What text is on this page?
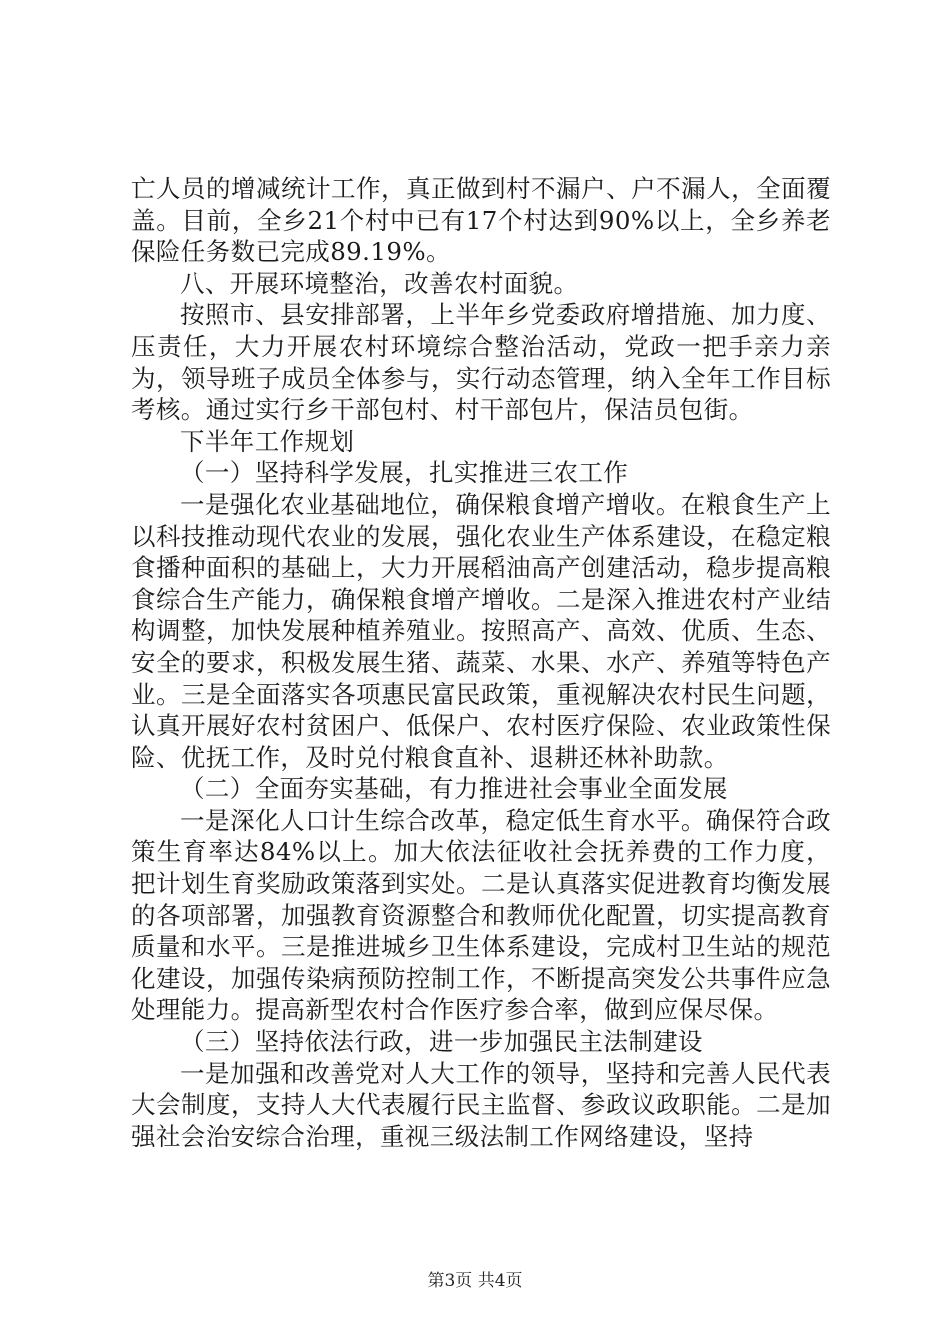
亡人员的增减统计工作，真正做到村不漏户、户不漏人，全面覆盖。目前，全乡21个村中已有17个村达到90%以上，全乡养老保险任务数已完成89.19%。

八、开展环境整治，改善农村面貌。

按照市、县安排部署，上半年乡党委政府增措施、加力度、压责任，大力开展农村环境综合整治活动，党政一把手亲力亲为，领导班子成员全体参与，实行动态管理，纳入全年工作目标考核。通过实行乡干部包村、村干部包片，保洁员包街。

下半年工作规划

（一）坚持科学发展，扎实推进三农工作

一是强化农业基础地位，确保粮食增产增收。在粮食生产上以科技推动现代农业的发展，强化农业生产体系建设，在稳定粮食播种面积的基础上，大力开展稻油高产创建活动，稳步提高粮食综合生产能力，确保粮食增产增收。二是深入推进农村产业结构调整，加快发展种植养殖业。按照高产、高效、优质、生态、安全的要求，积极发展生猪、蔬菜、水果、水产、养殖等特色产业。三是全面落实各项惠民富民政策，重视解决农村民生问题，认真开展好农村贫困户、低保户、农村医疗保险、农业政策性保险、优抚工作，及时兑付粮食直补、退耕还林补助款。

（二）全面夯实基础，有力推进社会事业全面发展

一是深化人口计生综合改革，稳定低生育水平。确保符合政策生育率达84%以上。加大依法征收社会抚养费的工作力度，把计划生育奖励政策落到实处。二是认真落实促进教育均衡发展的各项部署，加强教育资源整合和教师优化配置，切实提高教育质量和水平。三是推进城乡卫生体系建设，完成村卫生站的规范化建设，加强传染病预防控制工作，不断提高突发公共事件应急处理能力。提高新型农村合作医疗参合率，做到应保尽保。

（三）坚持依法行政，进一步加强民主法制建设

一是加强和改善党对人大工作的领导，坚持和完善人民代表大会制度，支持人大代表履行民主监督、参政议政职能。二是加强社会治安综合治理，重视三级法制工作网络建设，坚持

第3页 共4页
